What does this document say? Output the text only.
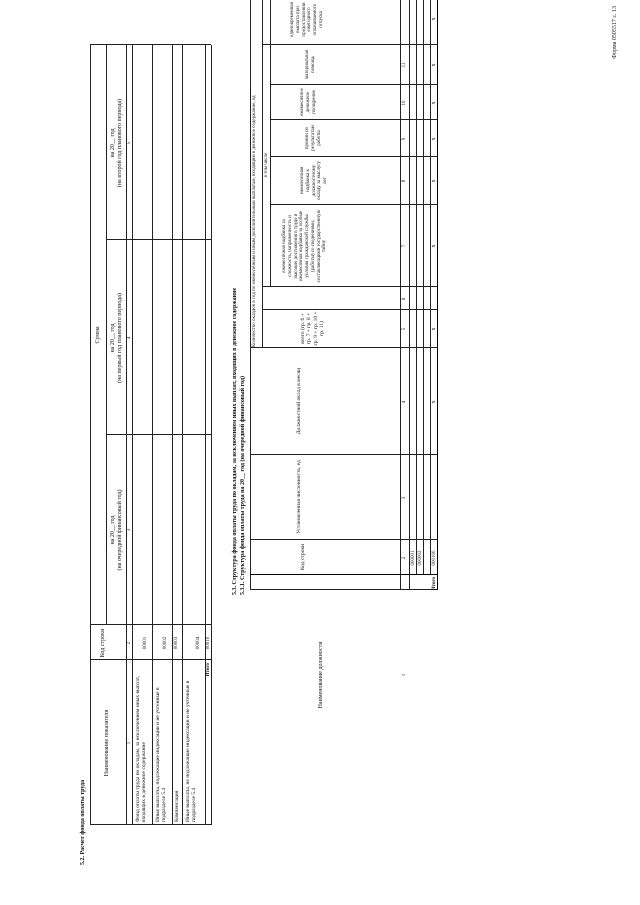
Форма 0505517 с. 13
5.2. Расчет фонда оплаты труда
Наименование показателя
Код строки
Сумма
на 20__ год (на очередной финансовый год)
на 20__ год (на первый год планового периода)
на 20__ год (на второй год планового периода)
1
2
3
4
5
Фонд оплаты труда по окладам, за исключением иных выплат, входящих в денежное содержание
00001
Иные выплаты, подлежащие индексации и не учтенные в подразделе 5.4
00002
Компенсация
00003
Иные выплаты, не подлежащие индексации и не учтенные в подразделе 5.4
00004
Итого
00010
5.3. Структура фонда оплаты труда по окладам, за исключением иных выплат, входящих в денежное содержание 5.3.1. Структура фонда оплаты труда на 20__ год (на очередной финансовый год)
Наименование должности
Код строки
Установленная численность, ед
Должностной оклад в месяц
Количество окладов в год по ежемесячным и иным дополнительным выплатам, входящим в денежное содержание, ед	всего (гр. 6 + гр. 7 + гр. 8 + гр. 9 + гр. 10 + гр. 11)
в том числе
ежемесячная надбавка за сложность, напряженность и высокие достижения в труде и ежемесячная надбавка за особые условия гражданской службы (работы) со сведениями, составляющими государственную тайну
ежемесячная надбавка к должностному окладу за выслугу лет
премии по результатам работы
ежемесячное денежное поощрение
материальная помощь
единовременная выплата при предоставлении ежегодного оплачиваемого отпуска
1
2
3
4
5
6
7
8
9
10
11
000001 000002 000100
Итого
x
x
x
x
x
x
x
x
